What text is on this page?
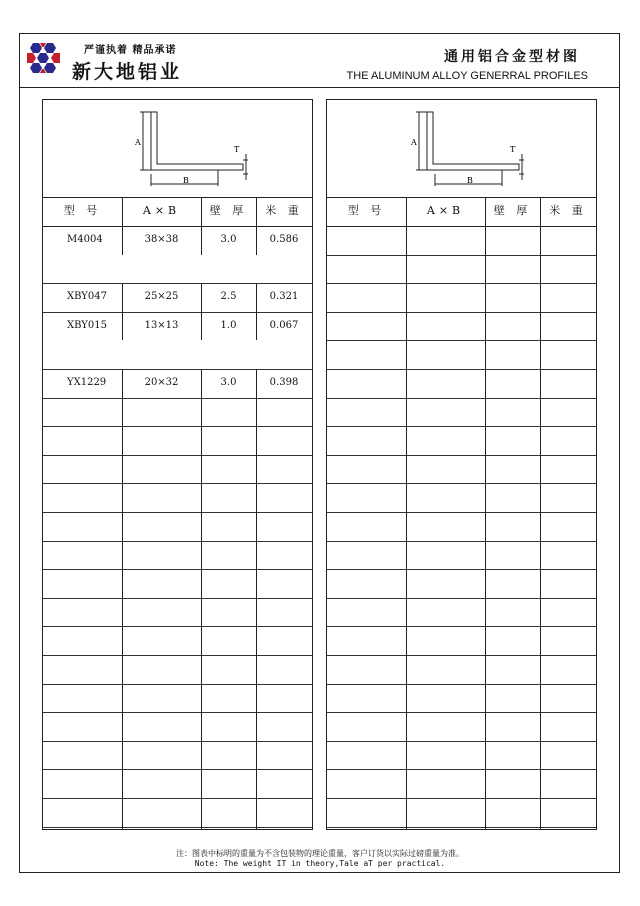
严谨执着 精品承诺
新大地铝业
通用铝合金型材图
THE ALUMINUM ALLOY GENERRAL PROFILES
A
B
T
型 号	A×B	壁 厚	米 重
M4004	38×38	3.0	0.586
XBY047	25×25	2.5	0.321
XBY015	13×13	1.0	0.067
YX1229	20×32	3.0	0.398
A
B
T
型 号	A×B	壁 厚	米 重
注：图表中标明的重量为不含包装物的理论重量，客户订货以实际过磅重量为准。
Note: The weight IT in theory,Tale aT per practical.
